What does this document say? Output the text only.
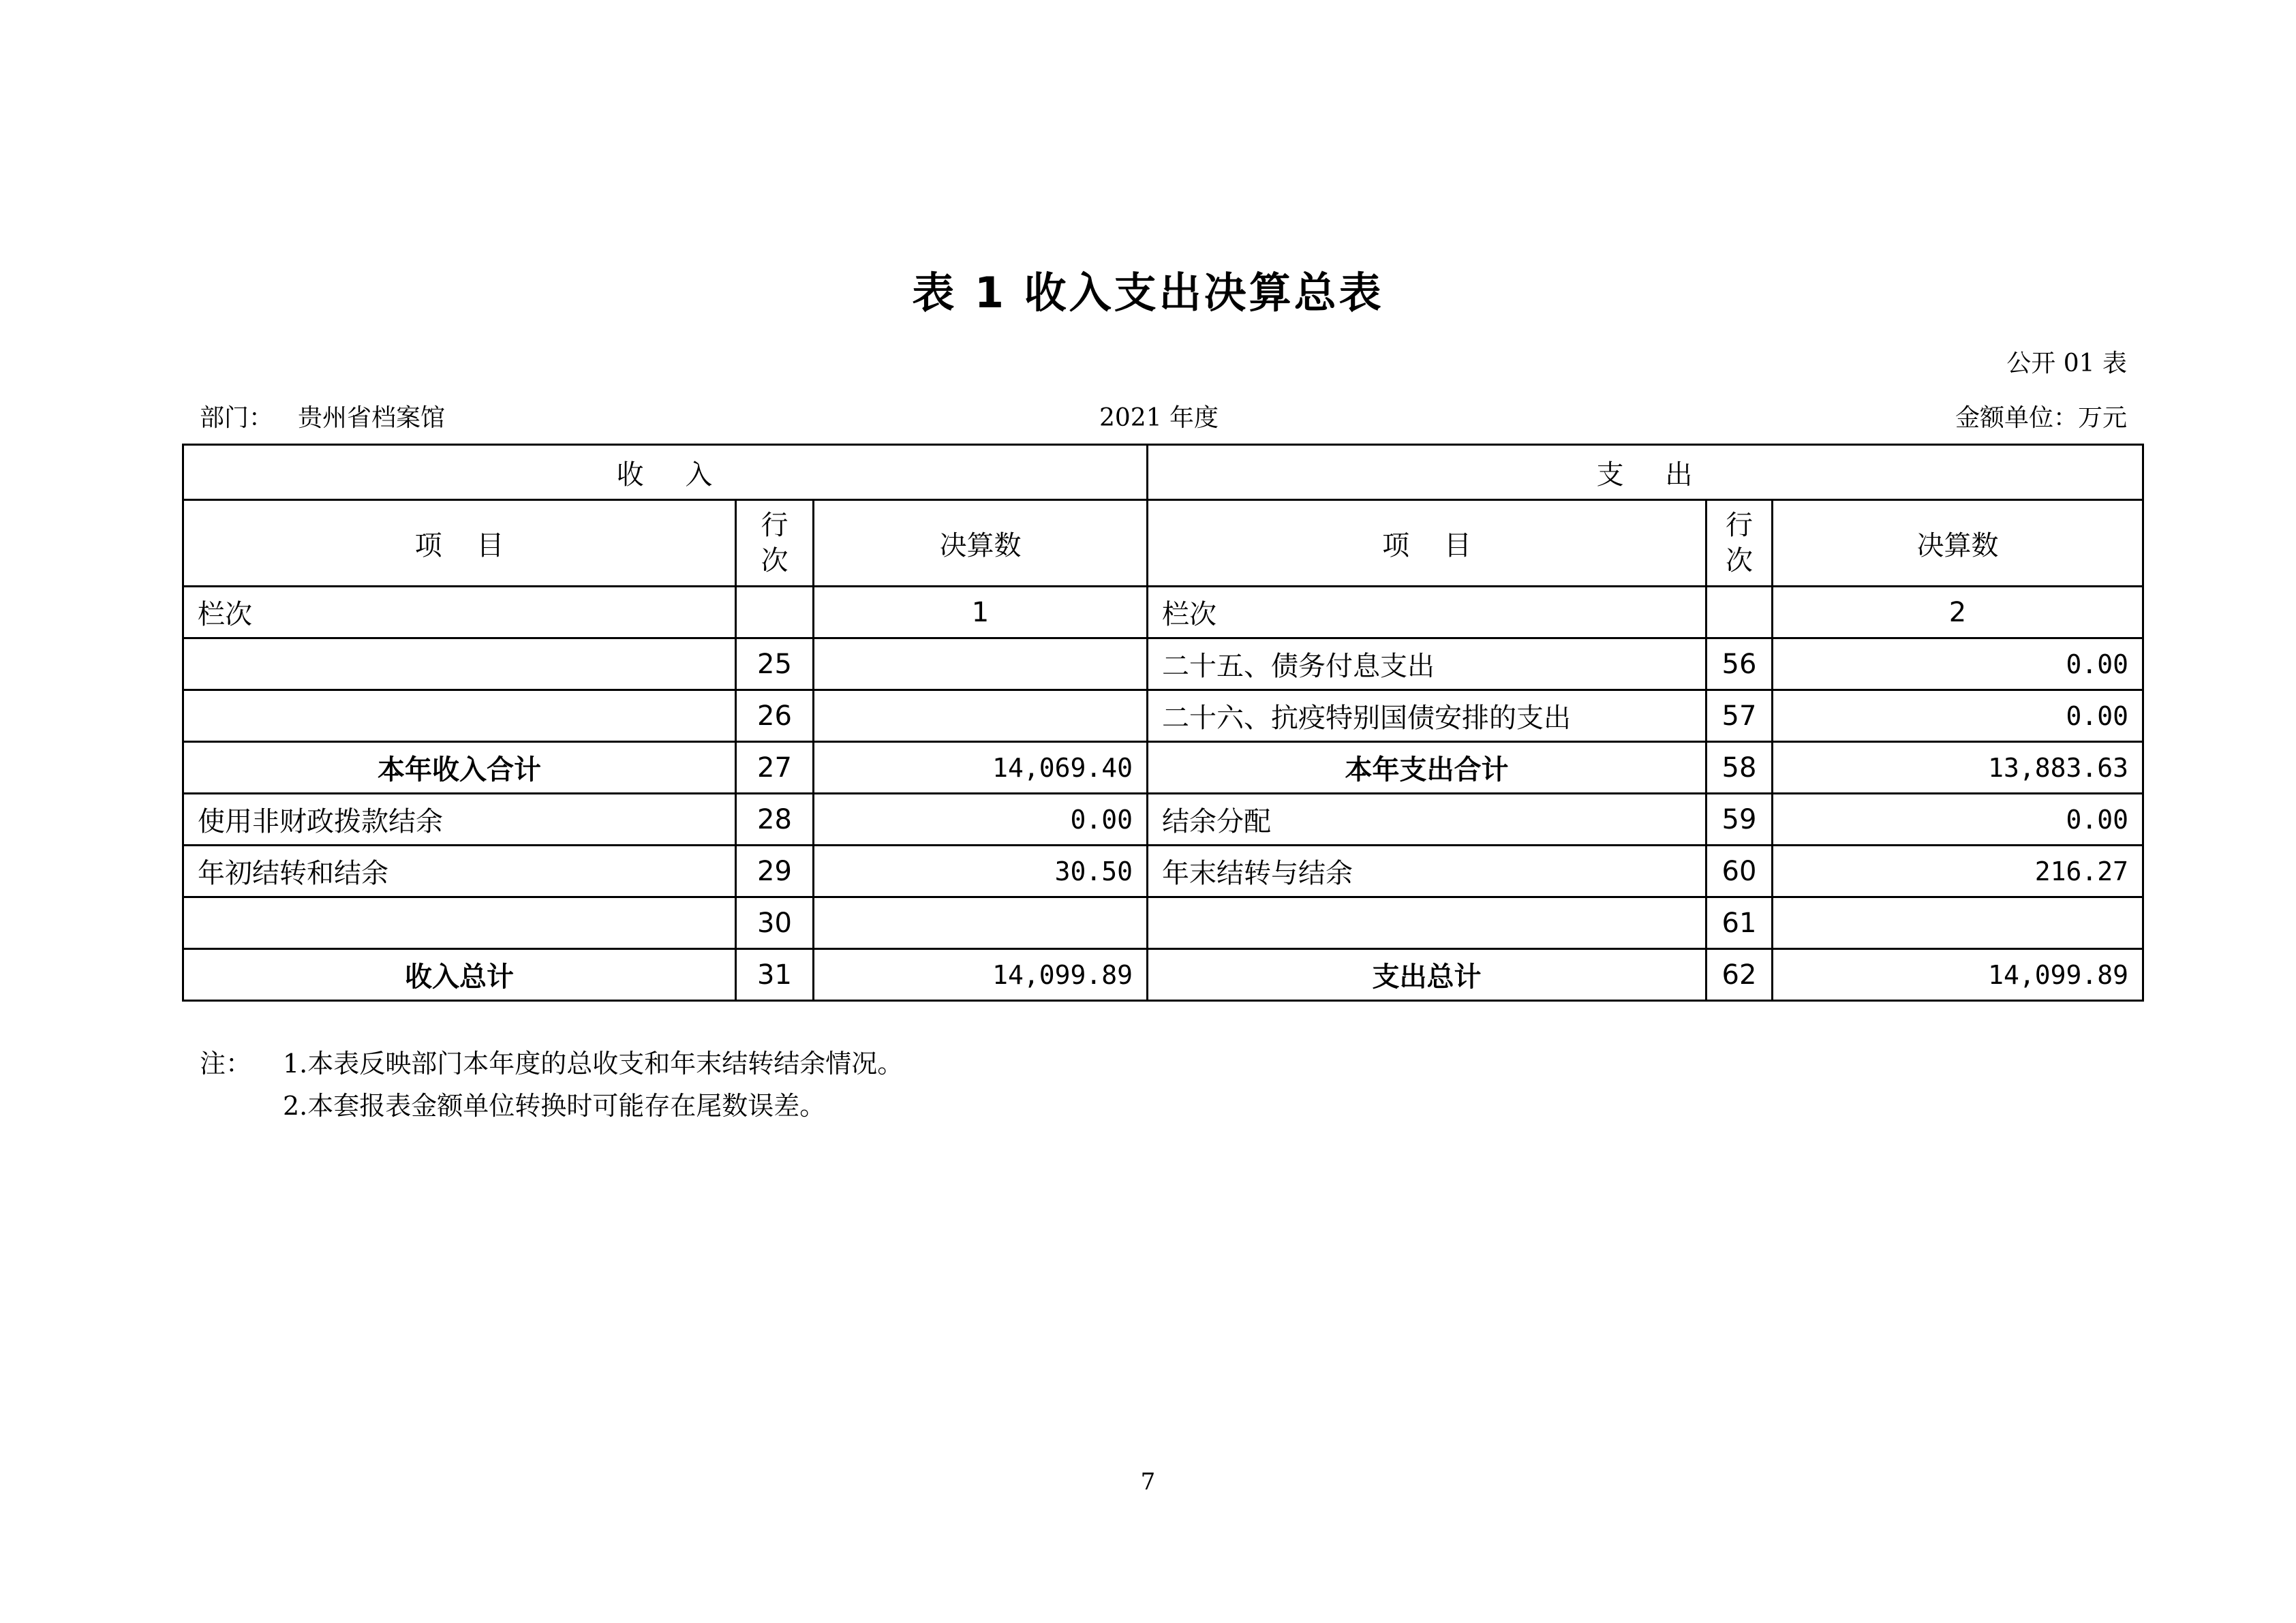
表 1 收入支出决算总表
公开 01 表
部门： 贵州省档案馆	2021 年度	金额单位：万元
收    入			支    出		
项    目	行次	决算数	项    目	行次	决算数
栏次		1	栏次		2
	25		二十五、债务付息支出	56	0.00
	26		二十六、抗疫特别国债安排的支出	57	0.00
本年收入合计	27	14,069.40	本年支出合计	58	13,883.63
使用非财政拨款结余	28	0.00	结余分配	59	0.00
年初结转和结余	29	30.50	年末结转与结余	60	216.27
	30			61	
收入总计	31	14,099.89	支出总计	62	14,099.89
注： 1.本表反映部门本年度的总收支和年末结转结余情况。
2.本套报表金额单位转换时可能存在尾数误差。
7
